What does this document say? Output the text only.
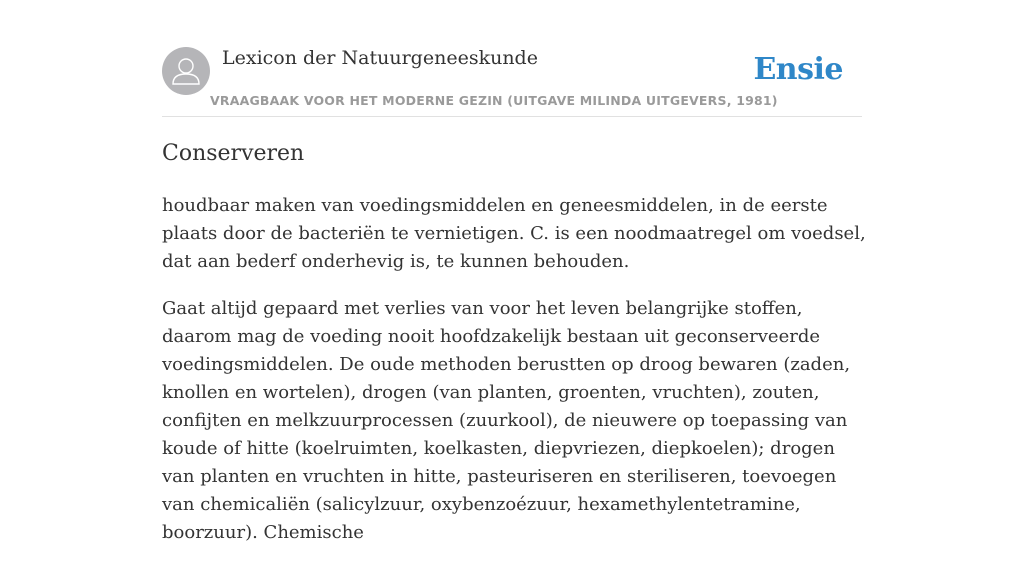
Lexicon der Natuurgeneeskunde
VRAAGBAAK VOOR HET MODERNE GEZIN (UITGAVE MILINDA UITGEVERS, 1981)
Ensie
Conserveren

houdbaar maken van voedingsmiddelen en geneesmiddelen, in de eerste plaats door de bacteriën te vernietigen. C. is een noodmaatregel om voedsel, dat aan bederf onderhevig is, te kunnen behouden.

Gaat altijd gepaard met verlies van voor het leven belangrijke stoffen, daarom mag de voeding nooit hoofdzakelijk bestaan uit geconserveerde voedingsmiddelen. De oude methoden berustten op droog bewaren (zaden, knollen en wortelen), drogen (van planten, groenten, vruchten), zouten, confijten en melkzuurprocessen (zuurkool), de nieuwere op toepassing van koude of hitte (koelruimten, koelkasten, diepvriezen, diepkoelen); drogen van planten en vruchten in hitte, pasteuriseren en steriliseren, toevoegen van chemicaliën (salicylzuur, oxybenzoézuur, hexamethylentetramine, boorzuur). Chemische
